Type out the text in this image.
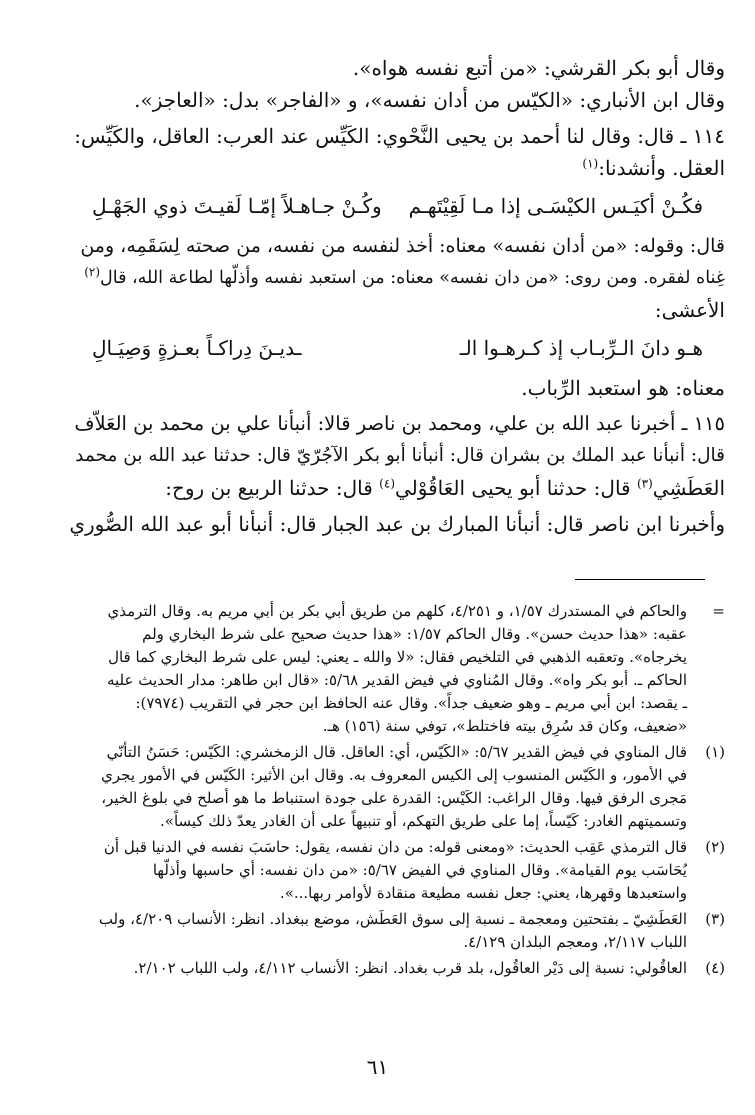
وقال أبو بكر القرشي: «من أتبع نفسه هواه».
وقال ابن الأنباري: «الكيّس من أدان نفسه»، و «الفاجر» بدل: «العاجز».
١١٤ ـ قال: وقال لنا أحمد بن يحيى النَّحْوي: الكَيِّس عند العرب: العاقل، والكَيِّس:
العقل. وأنشدنا:$^{(١)}$
فكُـنْ أكيَـس الكيْسَـى إذا مـا لَقِيْتَهـم
وكُـنْ جـاهـلاً إمّـا لَقيـتَ ذوي الجَهْـلِ
قال: وقوله: «من أدان نفسه» معناه: أخذ لنفسه من نفسه، من صحته لِسَقَمِه، ومن
غِناه لفقره. ومن روى: «من دان نفسه» معناه: من استعبد نفسه وأذلّها لطاعة الله، قال$^{(٢)}$
الأعشى:
هـو دانَ الـرِّبـاب إذ كـرهـوا الـ
ـديـنَ دِراكـاً بعـزةٍ وَصِيَـالِ
معناه: هو استعبد الرِّباب.
١١٥ ـ أخبرنا عبد الله بن علي، ومحمد بن ناصر قالا: أنبأنا علي بن محمد بن العَلاّف
قال: أنبأنا عبد الملك بن بشران قال: أنبأنا أبو بكر الآجُرّيّ قال: حدثنا عبد الله بن محمد
العَطَشِي$^{(٣)}$ قال: حدثنا أبو يحيى العَاقُوْلي$^{(٤)}$ قال: حدثنا الربيع بن روح:
وأخبرنا ابن ناصر قال: أنبأنا المبارك بن عبد الجبار قال: أنبأنا أبو عبد الله الصُّوري
=
والحاكم في المستدرك ١/٥٧، و ٤/٢٥١، كلهم من طريق أبي بكر بن أبي مريم به. وقال الترمذي
عقبه: «هذا حديث حسن». وقال الحاكم ١/٥٧: «هذا حديث صحيح على شرط البخاري ولم
يخرجاه». وتعقبه الذهبي في التلخيص فقال: «لا والله ـ يعني: ليس على شرط البخاري كما قال
الحاكم ـ. أبو بكر واه». وقال المُناوي في فيض القدير ٥/٦٨: «قال ابن طاهر: مدار الحديث عليه
ـ يقصد: ابن أبي مريم ـ وهو ضعيف جداً». وقال عنه الحافظ ابن حجر في التقريب (٧٩٧٤):
«ضعيف، وكان قد سُرِق بيته فاختلط»، توفي سنة (١٥٦) هـ.
(١)
قال المناوي في فيض القدير ٥/٦٧: «الكَيّس، أي: العاقل. قال الزمخشري: الكَيّس: حَسَنُ التأنّي
في الأمور، و الكَيّس المنسوب إلى الكيس المعروف به. وقال ابن الأثير: الكَيّس في الأمور يجري
مَجرى الرفق فيها. وقال الراغب: الكَيْس: القدرة على جودة استنباط ما هو أصلح في بلوغ الخير،
وتسميتهم الغادر: كَيّساً، إما على طريق التهكم، أو تنبيهاً على أن الغادر يعدّ ذلك كيساً».
(٢)
قال الترمذي عَقِب الحديث: «ومعنى قوله: من دان نفسه، يقول: حاسَبَ نفسه في الدنيا قبل أن
يُحَاسَب يوم القيامة». وقال المناوي في الفيض ٥/٦٧: «من دان نفسه: أي حاسبها وأذلّها
واستعبدها وقهرها، يعني: جعل نفسه مطيعة منقادة لأوامر ربها...».
(٣)
العَطَشِيّ ـ بفتحتين ومعجمة ـ نسبة إلى سوق العَطَش، موضع ببغداد. انظر: الأنساب ٤/٢٠٩، ولب
اللباب ٢/١١٧، ومعجم البلدان ٤/١٢٩.
(٤)
العاقُولي: نسبة إلى دَيْر العاقُول، بلد قرب بغداد. انظر: الأنساب ٤/١١٢، ولب اللباب ٢/١٠٢.
٦١
